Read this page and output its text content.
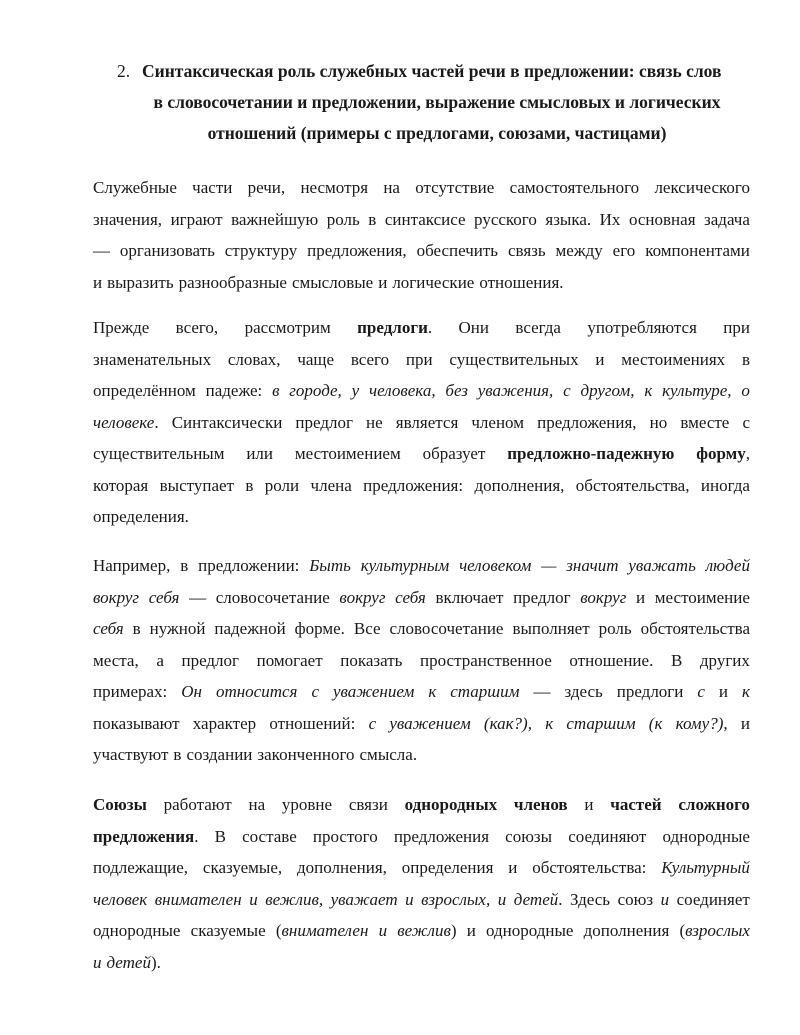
2. Синтаксическая роль служебных частей речи в предложении: связь слов
в словосочетании и предложении, выражение смысловых и логических
отношений (примеры с предлогами, союзами, частицами)
Служебные части речи, несмотря на отсутствие самостоятельного лексического
значения, играют важнейшую роль в синтаксисе русского языка. Их основная задача
— организовать структуру предложения, обеспечить связь между его компонентами
и выразить разнообразные смысловые и логические отношения.
Прежде всего, рассмотрим предлоги. Они всегда употребляются при
знаменательных словах, чаще всего при существительных и местоимениях в
определённом падеже: в городе, у человека, без уважения, с другом, к культуре, о
человеке. Синтаксически предлог не является членом предложения, но вместе с
существительным или местоимением образует предложно-падежную форму,
которая выступает в роли члена предложения: дополнения, обстоятельства, иногда
определения.
Например, в предложении: Быть культурным человеком — значит уважать людей
вокруг себя — словосочетание вокруг себя включает предлог вокруг и местоимение
себя в нужной падежной форме. Все словосочетание выполняет роль обстоятельства
места, а предлог помогает показать пространственное отношение. В других
примерах: Он относится с уважением к старшим — здесь предлоги с и к
показывают характер отношений: с уважением (как?), к старшим (к кому?), и
участвуют в создании законченного смысла.
Союзы работают на уровне связи однородных членов и частей сложного
предложения. В составе простого предложения союзы соединяют однородные
подлежащие, сказуемые, дополнения, определения и обстоятельства: Культурный
человек внимателен и вежлив, уважает и взрослых, и детей. Здесь союз и соединяет
однородные сказуемые (внимателен и вежлив) и однородные дополнения (взрослых
и детей).
